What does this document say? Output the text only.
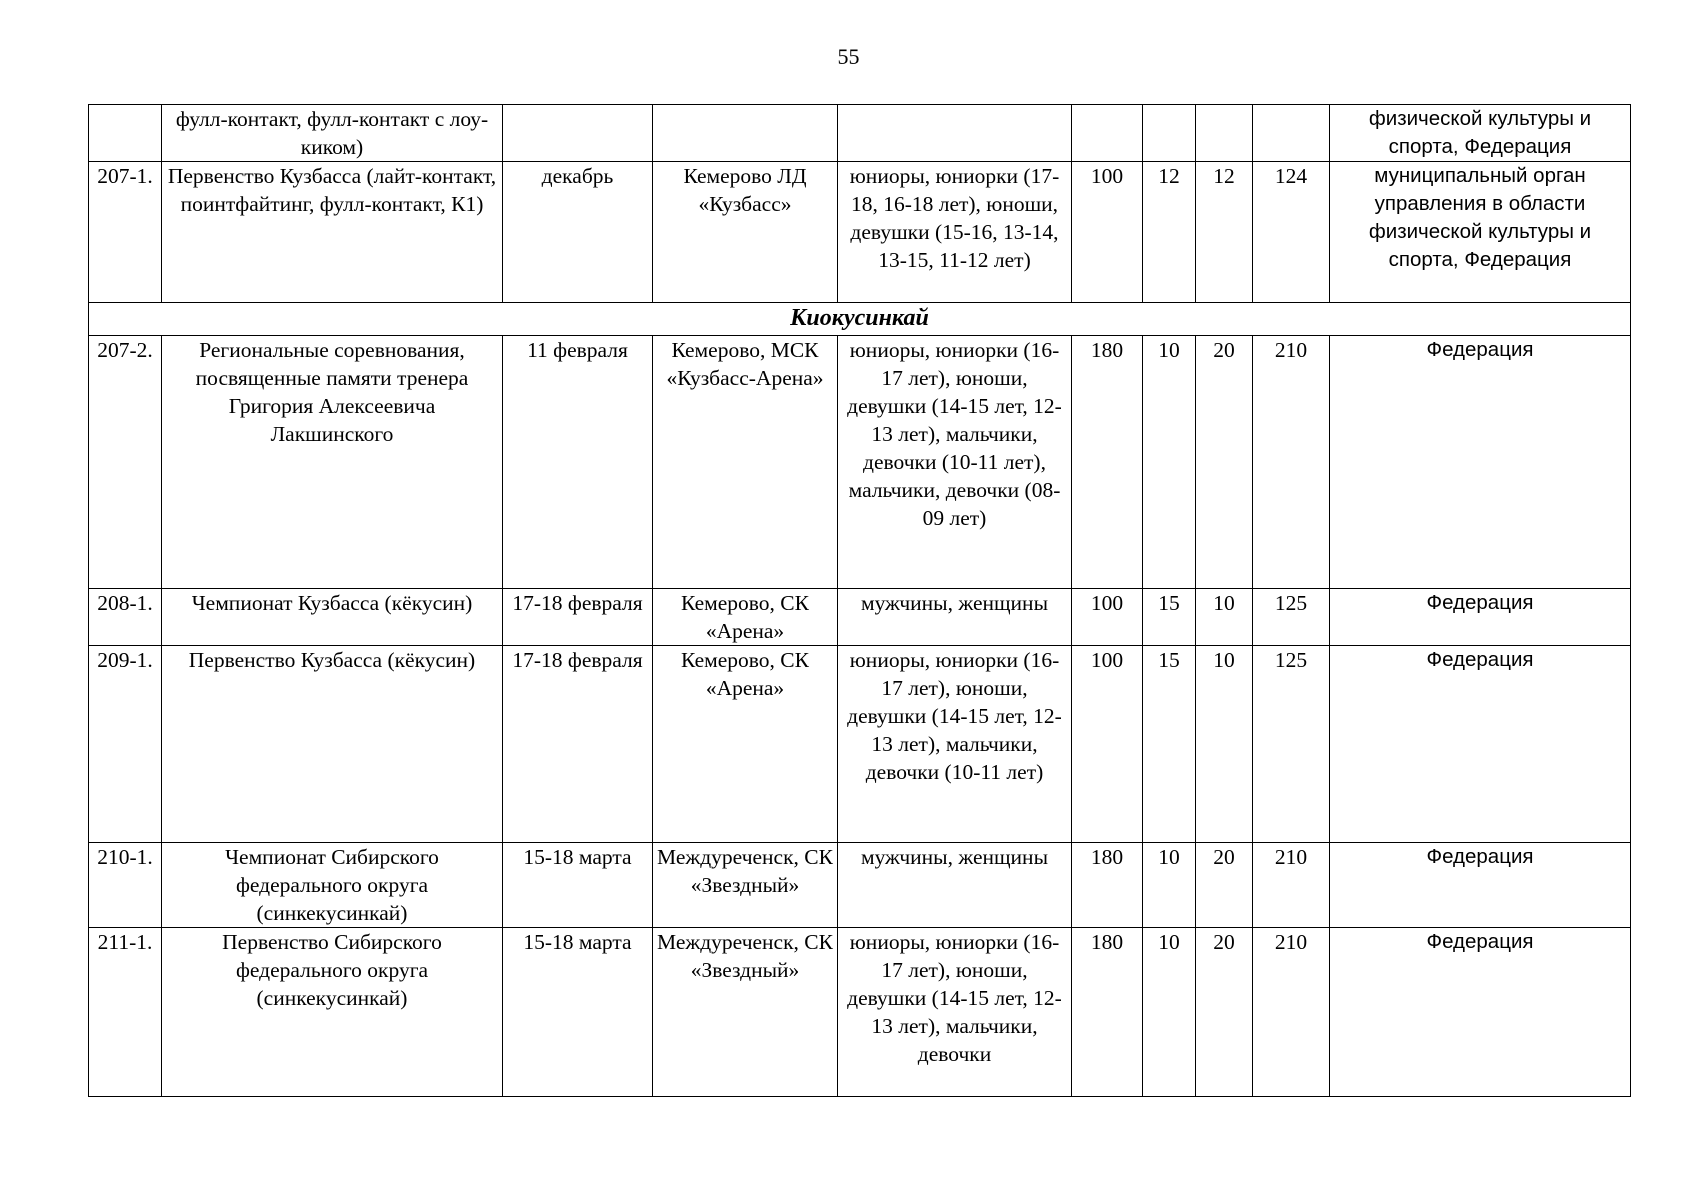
55
	фулл-контакт, фулл-контакт с лоу-киком)								физической культуры и спорта, Федерация
207-1.	Первенство Кузбасса (лайт-контакт, поинтфайтинг, фулл-контакт, К1)	декабрь	Кемерово ЛД «Кузбасс»	юниоры, юниорки (17-18, 16-18 лет), юноши, девушки (15-16, 13-14, 13-15, 11-12 лет)	100	12	12	124	муниципальный орган управления в области физической культуры и спорта, Федерация
Киокусинкай									
207-2.	Региональные соревнования, посвященные памяти тренера Григория Алексеевича Лакшинского	11 февраля	Кемерово, МСК «Кузбасс-Арена»	юниоры, юниорки (16-17 лет), юноши, девушки (14-15 лет, 12-13 лет), мальчики, девочки (10-11 лет), мальчики, девочки (08-09 лет)	180	10	20	210	Федерация
208-1.	Чемпионат Кузбасса (кёкусин)	17-18 февраля	Кемерово, СК «Арена»	мужчины, женщины	100	15	10	125	Федерация
209-1.	Первенство Кузбасса (кёкусин)	17-18 февраля	Кемерово, СК «Арена»	юниоры, юниорки (16-17 лет), юноши, девушки (14-15 лет, 12-13 лет), мальчики, девочки (10-11 лет)	100	15	10	125	Федерация
210-1.	Чемпионат Сибирского федерального округа (синкекусинкай)	15-18 марта	Междуреченск, СК «Звездный»	мужчины, женщины	180	10	20	210	Федерация
211-1.	Первенство Сибирского федерального округа (синкекусинкай)	15-18 марта	Междуреченск, СК «Звездный»	юниоры, юниорки (16-17 лет), юноши, девушки (14-15 лет, 12-13 лет), мальчики, девочки	180	10	20	210	Федерация
